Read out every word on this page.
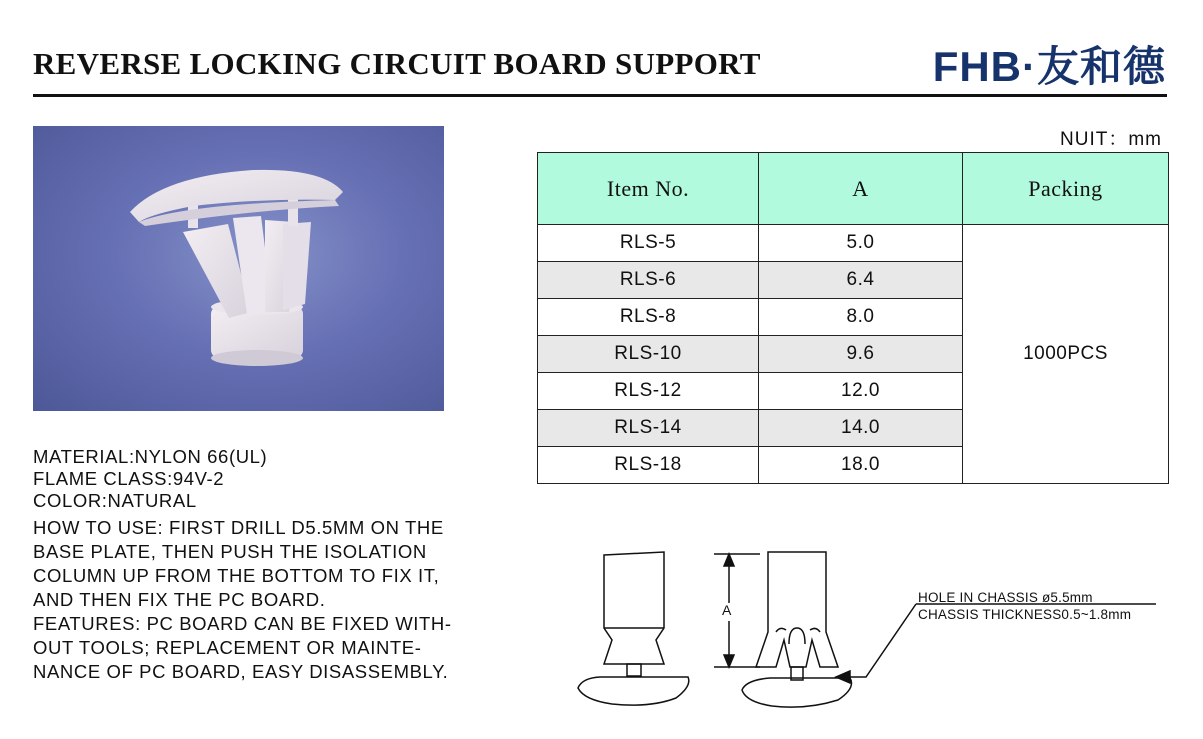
REVERSE LOCKING CIRCUIT BOARD SUPPORT	FHB·友和德
NUIT：mm
Item No.	A	Packing
RLS-5	5.0	1000PCS
RLS-6	6.4	
RLS-8	8.0	
RLS-10	9.6	
RLS-12	12.0	
RLS-14	14.0	
RLS-18	18.0	
MATERIAL:NYLON 66(UL)
FLAME CLASS:94V-2
COLOR:NATURAL
HOW TO USE: FIRST DRILL D5.5MM ON THE
BASE PLATE, THEN PUSH THE ISOLATION
COLUMN UP FROM THE BOTTOM TO FIX IT,
AND THEN FIX THE PC BOARD.
FEATURES: PC BOARD CAN BE FIXED WITH-
OUT TOOLS; REPLACEMENT OR MAINTE-
NANCE OF PC BOARD, EASY DISASSEMBLY.
A
HOLE IN CHASSIS ø5.5mm
CHASSIS THICKNESS0.5~1.8mm
